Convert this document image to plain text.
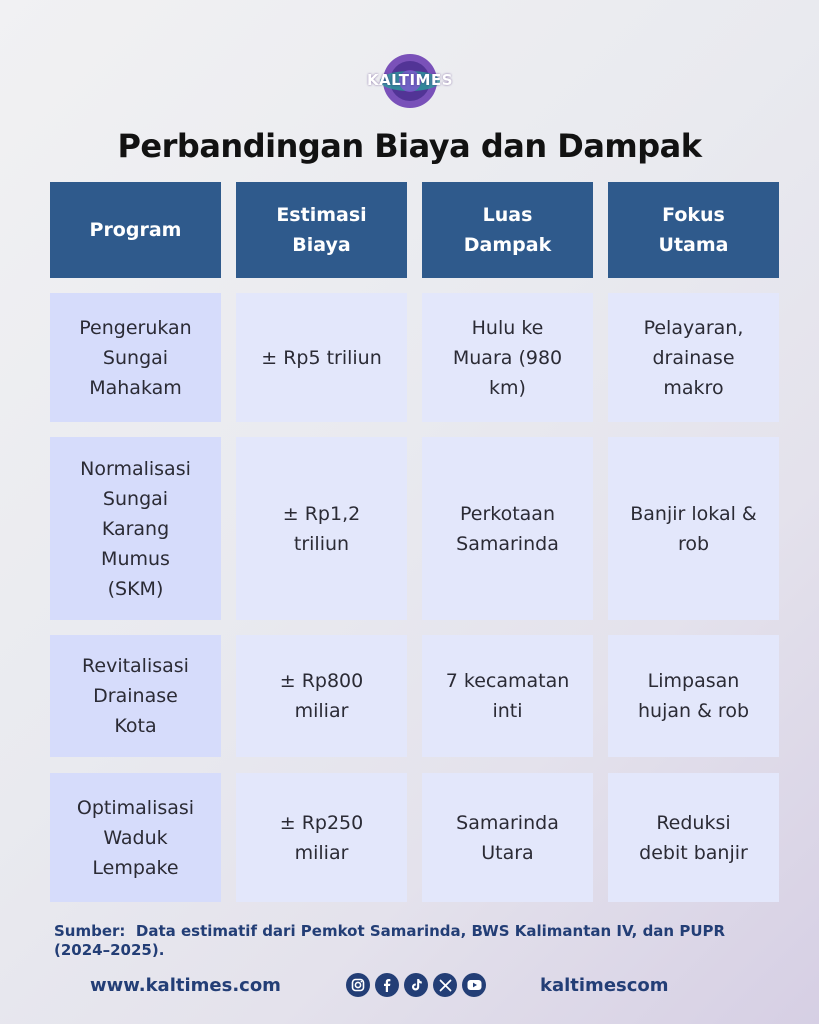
KALTIMES
Perbandingan Biaya dan Dampak
Program
Estimasi
Biaya
Luas
Dampak
Fokus
Utama
Pengerukan
Sungai
Mahakam
± Rp5 triliun
Hulu ke
Muara (980
km)
Pelayaran,
drainase
makro
Normalisasi
Sungai
Karang
Mumus
(SKM)
± Rp1,2
triliun
Perkotaan
Samarinda
Banjir lokal &
rob
Revitalisasi
Drainase
Kota
± Rp800
miliar
7 kecamatan
inti
Limpasan
hujan & rob
Optimalisasi
Waduk
Lempake
± Rp250
miliar
Samarinda
Utara
Reduksi
debit banjir
Sumber: Data estimatif dari Pemkot Samarinda, BWS Kalimantan IV, dan PUPR
(2024–2025).
www.kaltimes.com	kaltimescom
